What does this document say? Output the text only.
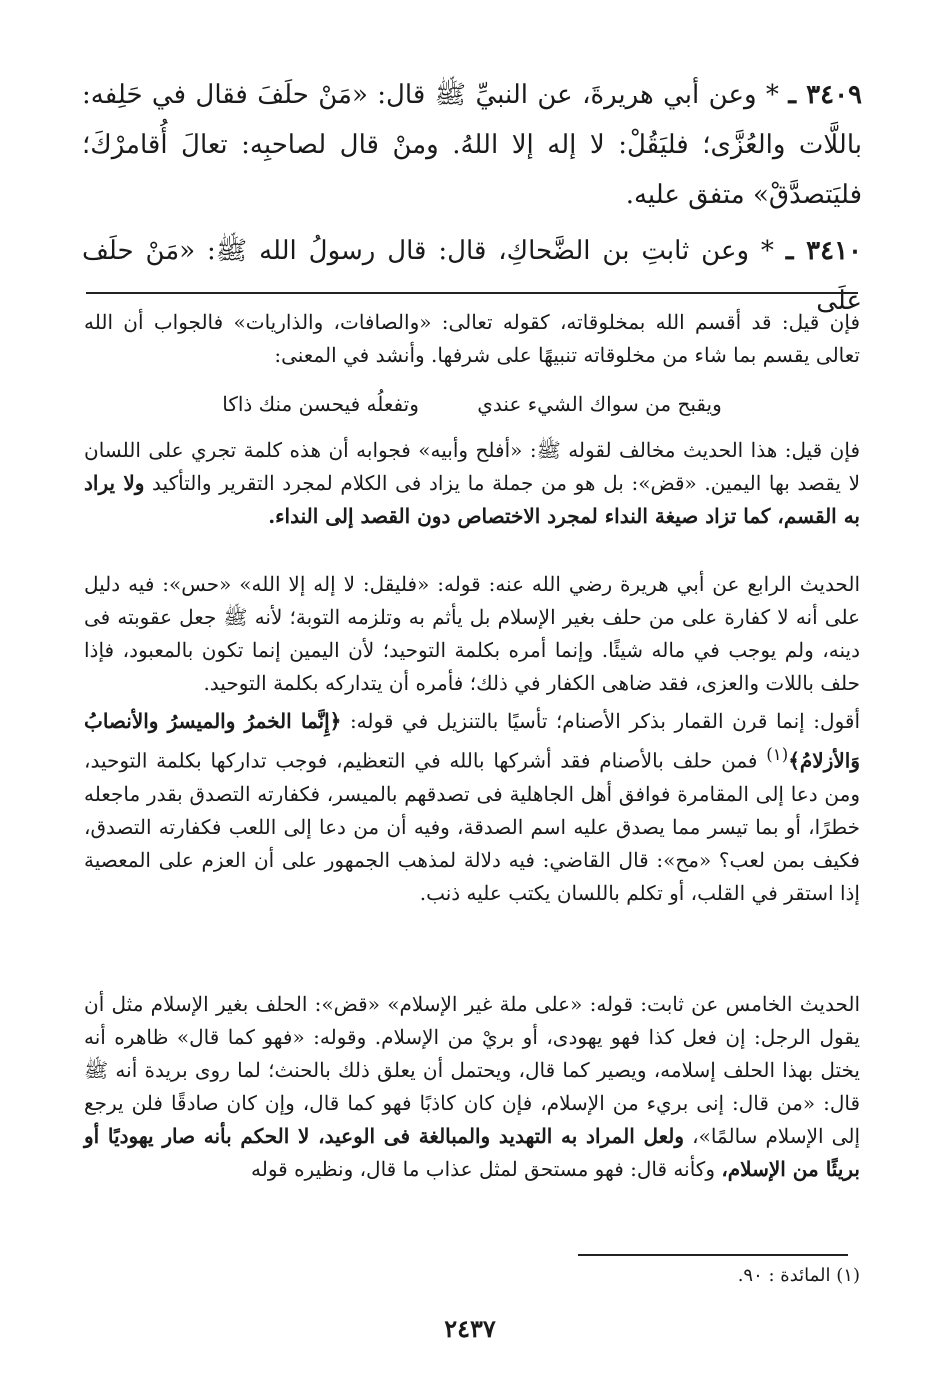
٣٤٠٩ ـ * وعن أبي هريرةَ، عن النبيِّ ﷺ قال: «مَنْ حلَفَ فقال في حَلِفه: باللَّات والعُزَّى؛ فليَقُلْ: لا إله إلا اللهُ. ومنْ قال لصاحبِه: تعالَ أُقامرْكَ؛ فليَتصدَّقْ» متفق عليه.
٣٤١٠ ـ * وعن ثابتِ بن الضَّحاكِ، قال: قال رسولُ الله ﷺ: «مَنْ حلَف علَى
فإن قيل: قد أقسم الله بمخلوقاته، كقوله تعالى: «والصافات، والذاريات» فالجواب أن الله تعالى يقسم بما شاء من مخلوقاته تنبيهًا على شرفها. وأنشد في المعنى:
ويقبح من سواك الشيء عندي وتفعلُه فيحسن منك ذاكا
فإن قيل: هذا الحديث مخالف لقوله ﷺ: «أفلح وأبيه» فجوابه أن هذه كلمة تجري على اللسان لا يقصد بها اليمين. «قض»: بل هو من جملة ما يزاد فى الكلام لمجرد التقرير والتأكيد ولا يراد به القسم، كما تزاد صيغة النداء لمجرد الاختصاص دون القصد إلى النداء.
الحديث الرابع عن أبي هريرة رضي الله عنه: قوله: «فليقل: لا إله إلا الله» «حس»: فيه دليل على أنه لا كفارة على من حلف بغير الإسلام بل يأثم به وتلزمه التوبة؛ لأنه ﷺ جعل عقوبته فى دينه، ولم يوجب في ماله شيئًا. وإنما أمره بكلمة التوحيد؛ لأن اليمين إنما تكون بالمعبود، فإذا حلف باللات والعزى، فقد ضاهى الكفار في ذلك؛ فأمره أن يتداركه بكلمة التوحيد.
أقول: إنما قرن القمار بذكر الأصنام؛ تأسيًا بالتنزيل في قوله: ﴿إِنَّما الخمرُ والميسرُ والأنصابُ وَالأزلامُ﴾$^{(١)}$ فمن حلف بالأصنام فقد أشركها بالله في التعظيم، فوجب تداركها بكلمة التوحيد، ومن دعا إلى المقامرة فوافق أهل الجاهلية فى تصدقهم بالميسر، فكفارته التصدق بقدر ماجعله خطرًا، أو بما تيسر مما يصدق عليه اسم الصدقة، وفيه أن من دعا إلى اللعب فكفارته التصدق، فكيف بمن لعب؟ «مح»: قال القاضي: فيه دلالة لمذهب الجمهور على أن العزم على المعصية إذا استقر في القلب، أو تكلم باللسان يكتب عليه ذنب.
الحديث الخامس عن ثابت: قوله: «على ملة غير الإسلام» «قض»: الحلف بغير الإسلام مثل أن يقول الرجل: إن فعل كذا فهو يهودى، أو بريْ من الإسلام. وقوله: «فهو كما قال» ظاهره أنه يختل بهذا الحلف إسلامه، ويصير كما قال، ويحتمل أن يعلق ذلك بالحنث؛ لما روى بريدة أنه ﷺ قال: «من قال: إنى بريء من الإسلام، فإن كان كاذبًا فهو كما قال، وإن كان صادقًا فلن يرجع إلى الإسلام سالمًا»، ولعل المراد به التهديد والمبالغة فى الوعيد، لا الحكم بأنه صار يهوديًا أو بريئًا من الإسلام، وكأنه قال: فهو مستحق لمثل عذاب ما قال، ونظيره قوله
(١) المائدة : ٩٠.
٢٤٣٧
